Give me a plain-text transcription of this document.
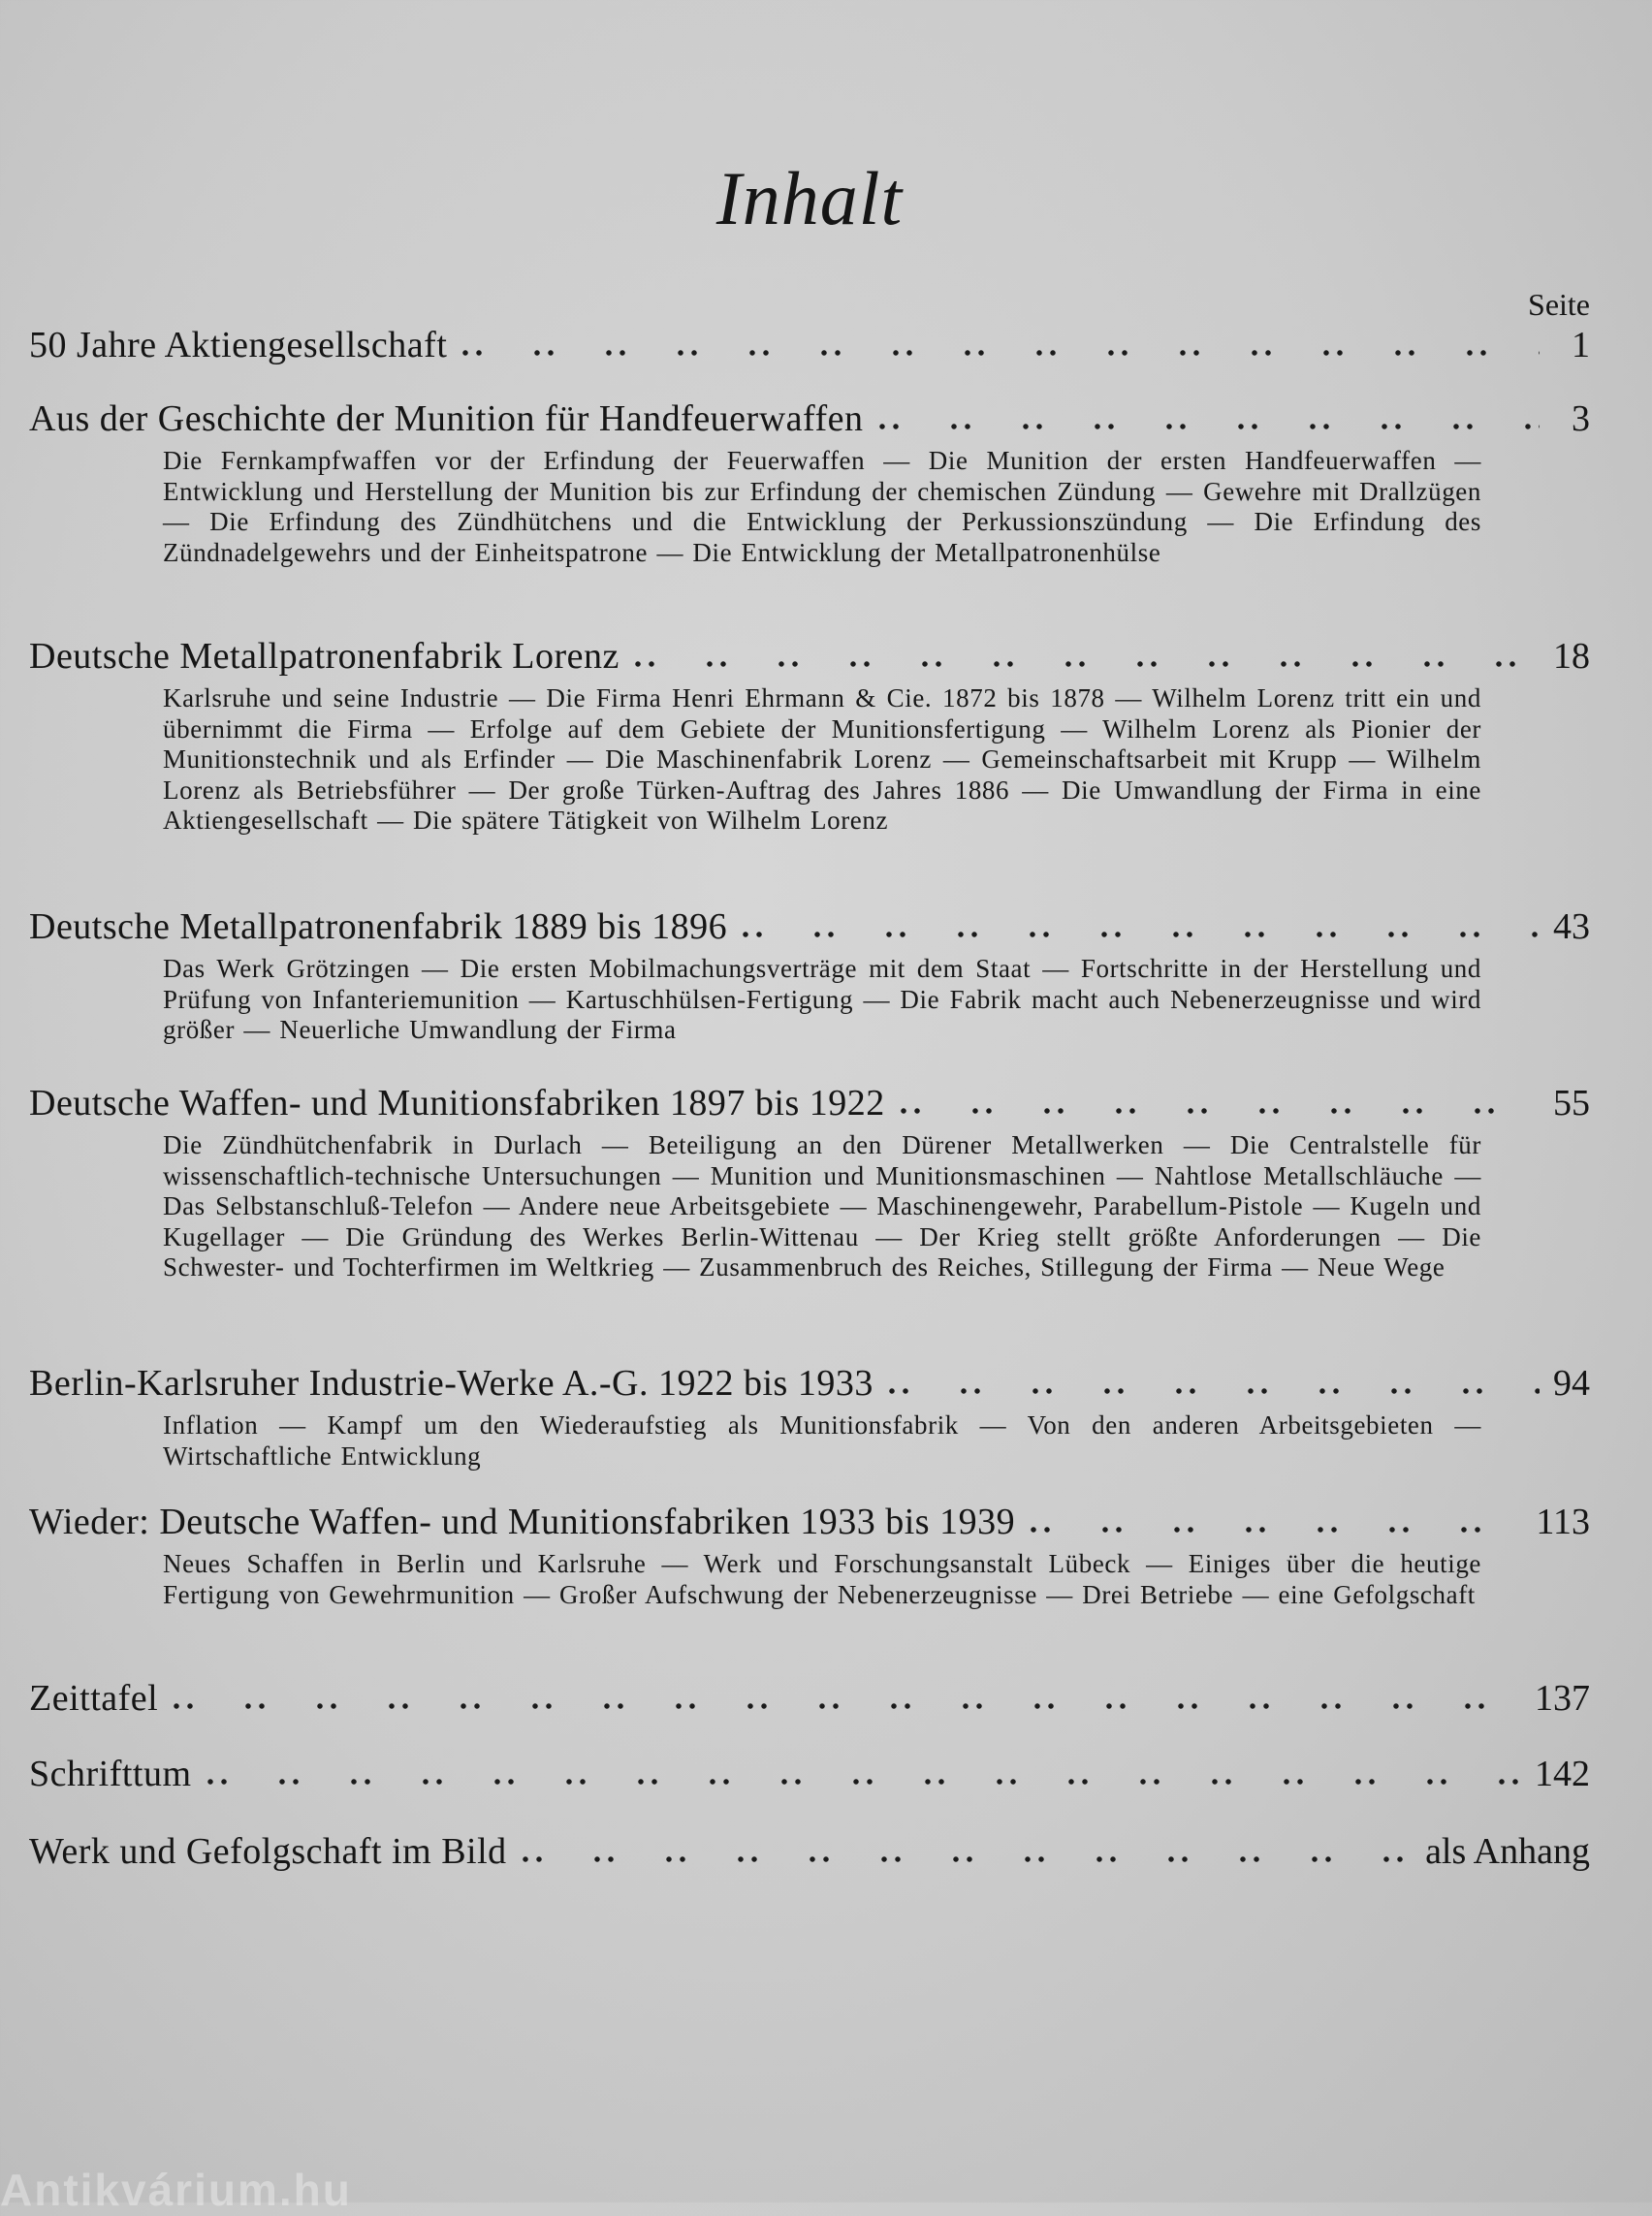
Inhalt
Seite
50 Jahre Aktiengesellschaft	1
Aus der Geschichte der Munition für Handfeuerwaffen	3
Die Fernkampfwaffen vor der Erfindung der Feuerwaffen — Die Munition der ersten Handfeuerwaffen — Entwicklung und Herstellung der Munition bis zur Erfindung der chemischen Zündung — Gewehre mit Drallzügen — Die Erfindung des Zündhütchens und die Entwicklung der Perkussionszündung — Die Erfindung des Zündnadelgewehrs und der Einheitspatrone — Die Entwicklung der Metallpatronenhülse
Deutsche Metallpatronenfabrik Lorenz	18
Karlsruhe und seine Industrie — Die Firma Henri Ehrmann & Cie. 1872 bis 1878 — Wilhelm Lorenz tritt ein und übernimmt die Firma — Erfolge auf dem Gebiete der Munitionsfertigung — Wilhelm Lorenz als Pionier der Munitionstechnik und als Erfinder — Die Maschinenfabrik Lorenz — Gemeinschaftsarbeit mit Krupp — Wilhelm Lorenz als Betriebsführer — Der große Türken-Auftrag des Jahres 1886 — Die Umwandlung der Firma in eine Aktiengesellschaft — Die spätere Tätigkeit von Wilhelm Lorenz
Deutsche Metallpatronenfabrik 1889 bis 1896	43
Das Werk Grötzingen — Die ersten Mobilmachungsverträge mit dem Staat — Fortschritte in der Herstellung und Prüfung von Infanteriemunition — Kartuschhülsen-Fertigung — Die Fabrik macht auch Nebenerzeugnisse und wird größer — Neuerliche Umwandlung der Firma
Deutsche Waffen- und Munitionsfabriken 1897 bis 1922	55
Die Zündhütchenfabrik in Durlach — Beteiligung an den Dürener Metallwerken — Die Centralstelle für wissenschaftlich-technische Untersuchungen — Munition und Munitionsmaschinen — Nahtlose Metallschläuche — Das Selbstanschluß-Telefon — Andere neue Arbeitsgebiete — Maschinengewehr, Parabellum-Pistole — Kugeln und Kugellager — Die Gründung des Werkes Berlin-Wittenau — Der Krieg stellt größte Anforderungen — Die Schwester- und Tochterfirmen im Weltkrieg — Zusammenbruch des Reiches, Stillegung der Firma — Neue Wege
Berlin-Karlsruher Industrie-Werke A.-G. 1922 bis 1933	94
Inflation — Kampf um den Wiederaufstieg als Munitionsfabrik — Von den anderen Arbeitsgebieten — Wirtschaftliche Entwicklung
Wieder: Deutsche Waffen- und Munitionsfabriken 1933 bis 1939	113
Neues Schaffen in Berlin und Karlsruhe — Werk und Forschungsanstalt Lübeck — Einiges über die heutige Fertigung von Gewehrmunition — Großer Aufschwung der Nebenerzeugnisse — Drei Betriebe — eine Gefolgschaft
Zeittafel	137
Schrifttum	142
Werk und Gefolgschaft im Bild	als Anhang
Antikvárium.hu
